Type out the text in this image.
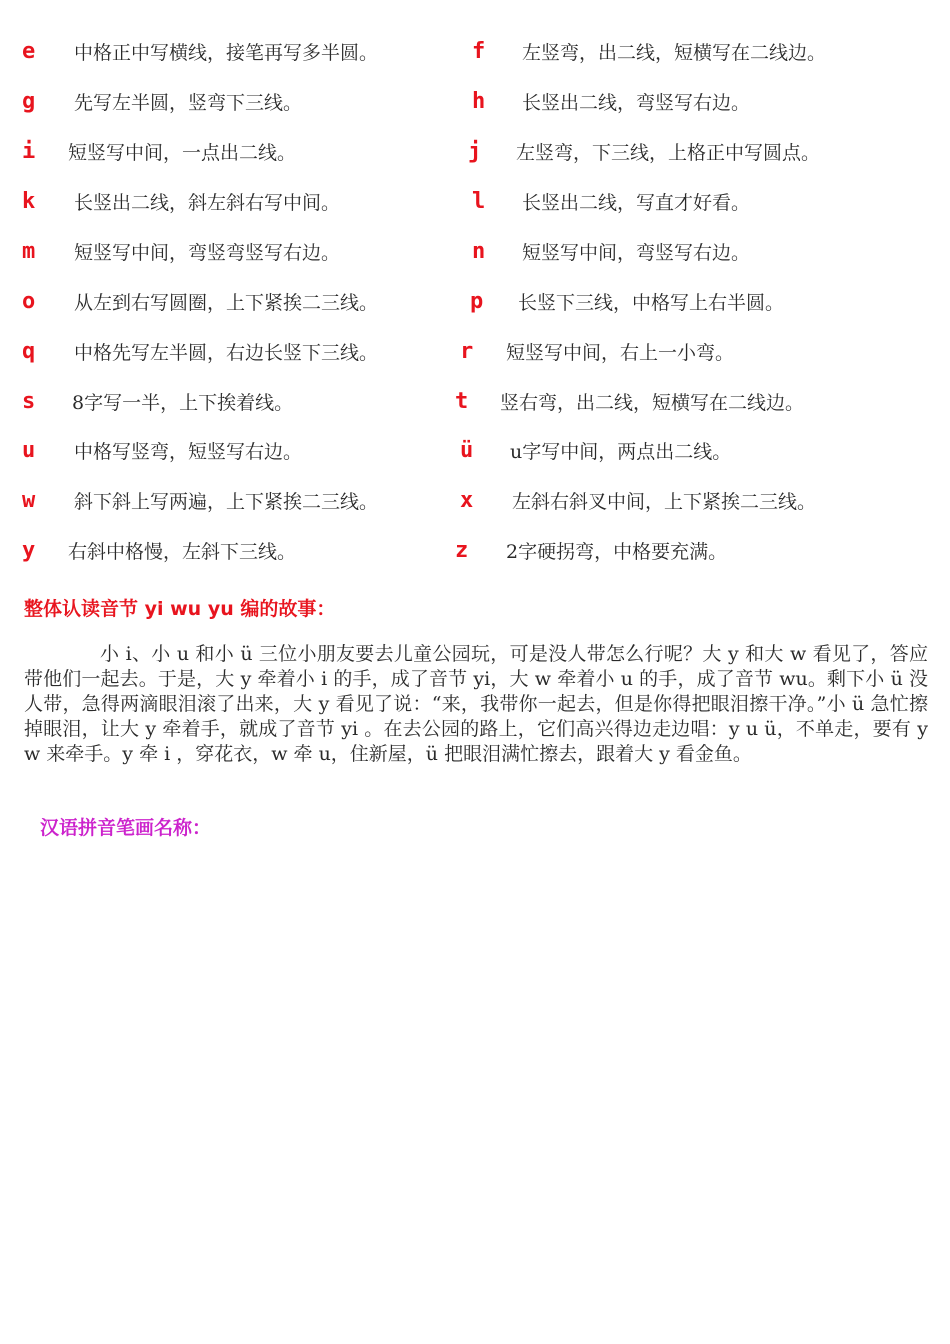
e 中格正中写横线，接笔再写多半圆。	f 左竖弯，出二线，短横写在二线边。
g 先写左半圆，竖弯下三线。	h 长竖出二线，弯竖写右边。
i 短竖写中间，一点出二线。	j 左竖弯，下三线，上格正中写圆点。
k 长竖出二线，斜左斜右写中间。	l 长竖出二线，写直才好看。
m 短竖写中间，弯竖弯竖写右边。	n 短竖写中间，弯竖写右边。
o 从左到右写圆圈，上下紧挨二三线。	p 长竖下三线，中格写上右半圆。
q 中格先写左半圆，右边长竖下三线。	r 短竖写中间，右上一小弯。
s 8字写一半，上下挨着线。	t 竖右弯，出二线，短横写在二线边。
u 中格写竖弯，短竖写右边。	ü u字写中间，两点出二线。
w 斜下斜上写两遍，上下紧挨二三线。	x 左斜右斜叉中间，上下紧挨二三线。
y 右斜中格慢，左斜下三线。	z 2字硬拐弯，中格要充满。
整体认读音节 yi wu yu 编的故事：

小 i、小 u 和小 ü 三位小朋友要去儿童公园玩，可是没人带怎么行呢？大 y 和大 w 看见了，答应带他们一起去。于是，大 y 牵着小 i 的手，成了音节 yi，大 w 牵着小 u 的手，成了音节 wu。剩下小 ü 没人带，急得两滴眼泪滚了出来，大 y 看见了说：“来，我带你一起去，但是你得把眼泪擦干净。”小 ü 急忙擦掉眼泪，让大 y 牵着手，就成了音节 yi 。在去公园的路上，它们高兴得边走边唱：y u ü，不单走，要有 y w 来牵手。y 牵 i ，穿花衣，w 牵 u，住新屋，ü 把眼泪满忙擦去，跟着大 y 看金鱼。

汉语拼音笔画名称：
